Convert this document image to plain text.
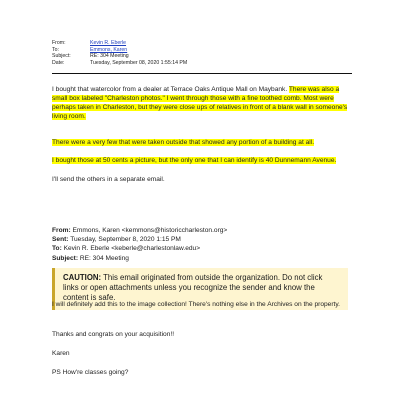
From:	Kevin R. Eberle
To:	Emmons, Karen
Subject:	RE: 304 Meeting
Date:	Tuesday, September 08, 2020 1:55:14 PM
I bought that watercolor from a dealer at Terrace Oaks Antique Mall on Maybank. There was also a small box labeled "Charleston photos." I went through those with a fine toothed comb. Most were perhaps taken in Charleston, but they were close ups of relatives in front of a blank wall in someone's living room.
There were a very few that were taken outside that showed any portion of a building at all.
I bought those at 50 cents a picture, but the only one that I can identify is 40 Dunnemann Avenue.
I'll send the others in a separate email.
From: Emmons, Karen <kemmons@historiccharleston.org>
Sent: Tuesday, September 8, 2020 1:15 PM
To: Kevin R. Eberle <keberle@charlestonlaw.edu>
Subject: RE: 304 Meeting
CAUTION: This email originated from outside the organization. Do not click links or open attachments unless you recognize the sender and know the content is safe.
I will definitely add this to the image collection! There's nothing else in the Archives on the property.
Thanks and congrats on your acquisition!!
Karen
PS How're classes going?
